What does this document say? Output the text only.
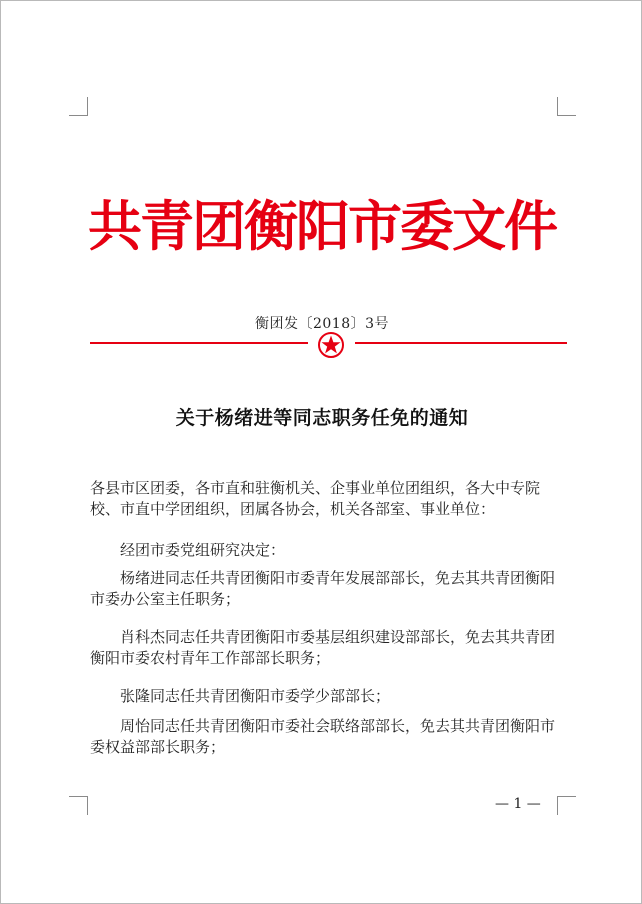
共青团衡阳市委文件
衡团发〔2018〕3号
关于杨绪进等同志职务任免的通知
各县市区团委，各市直和驻衡机关、企事业单位团组织，各大中专院校、市直中学团组织，团属各协会，机关各部室、事业单位：
经团市委党组研究决定：
杨绪进同志任共青团衡阳市委青年发展部部长，免去其共青团衡阳市委办公室主任职务；
肖科杰同志任共青团衡阳市委基层组织建设部部长，免去其共青团衡阳市委农村青年工作部部长职务；
张隆同志任共青团衡阳市委学少部部长；
周怡同志任共青团衡阳市委社会联络部部长，免去其共青团衡阳市委权益部部长职务；
— 1 —
